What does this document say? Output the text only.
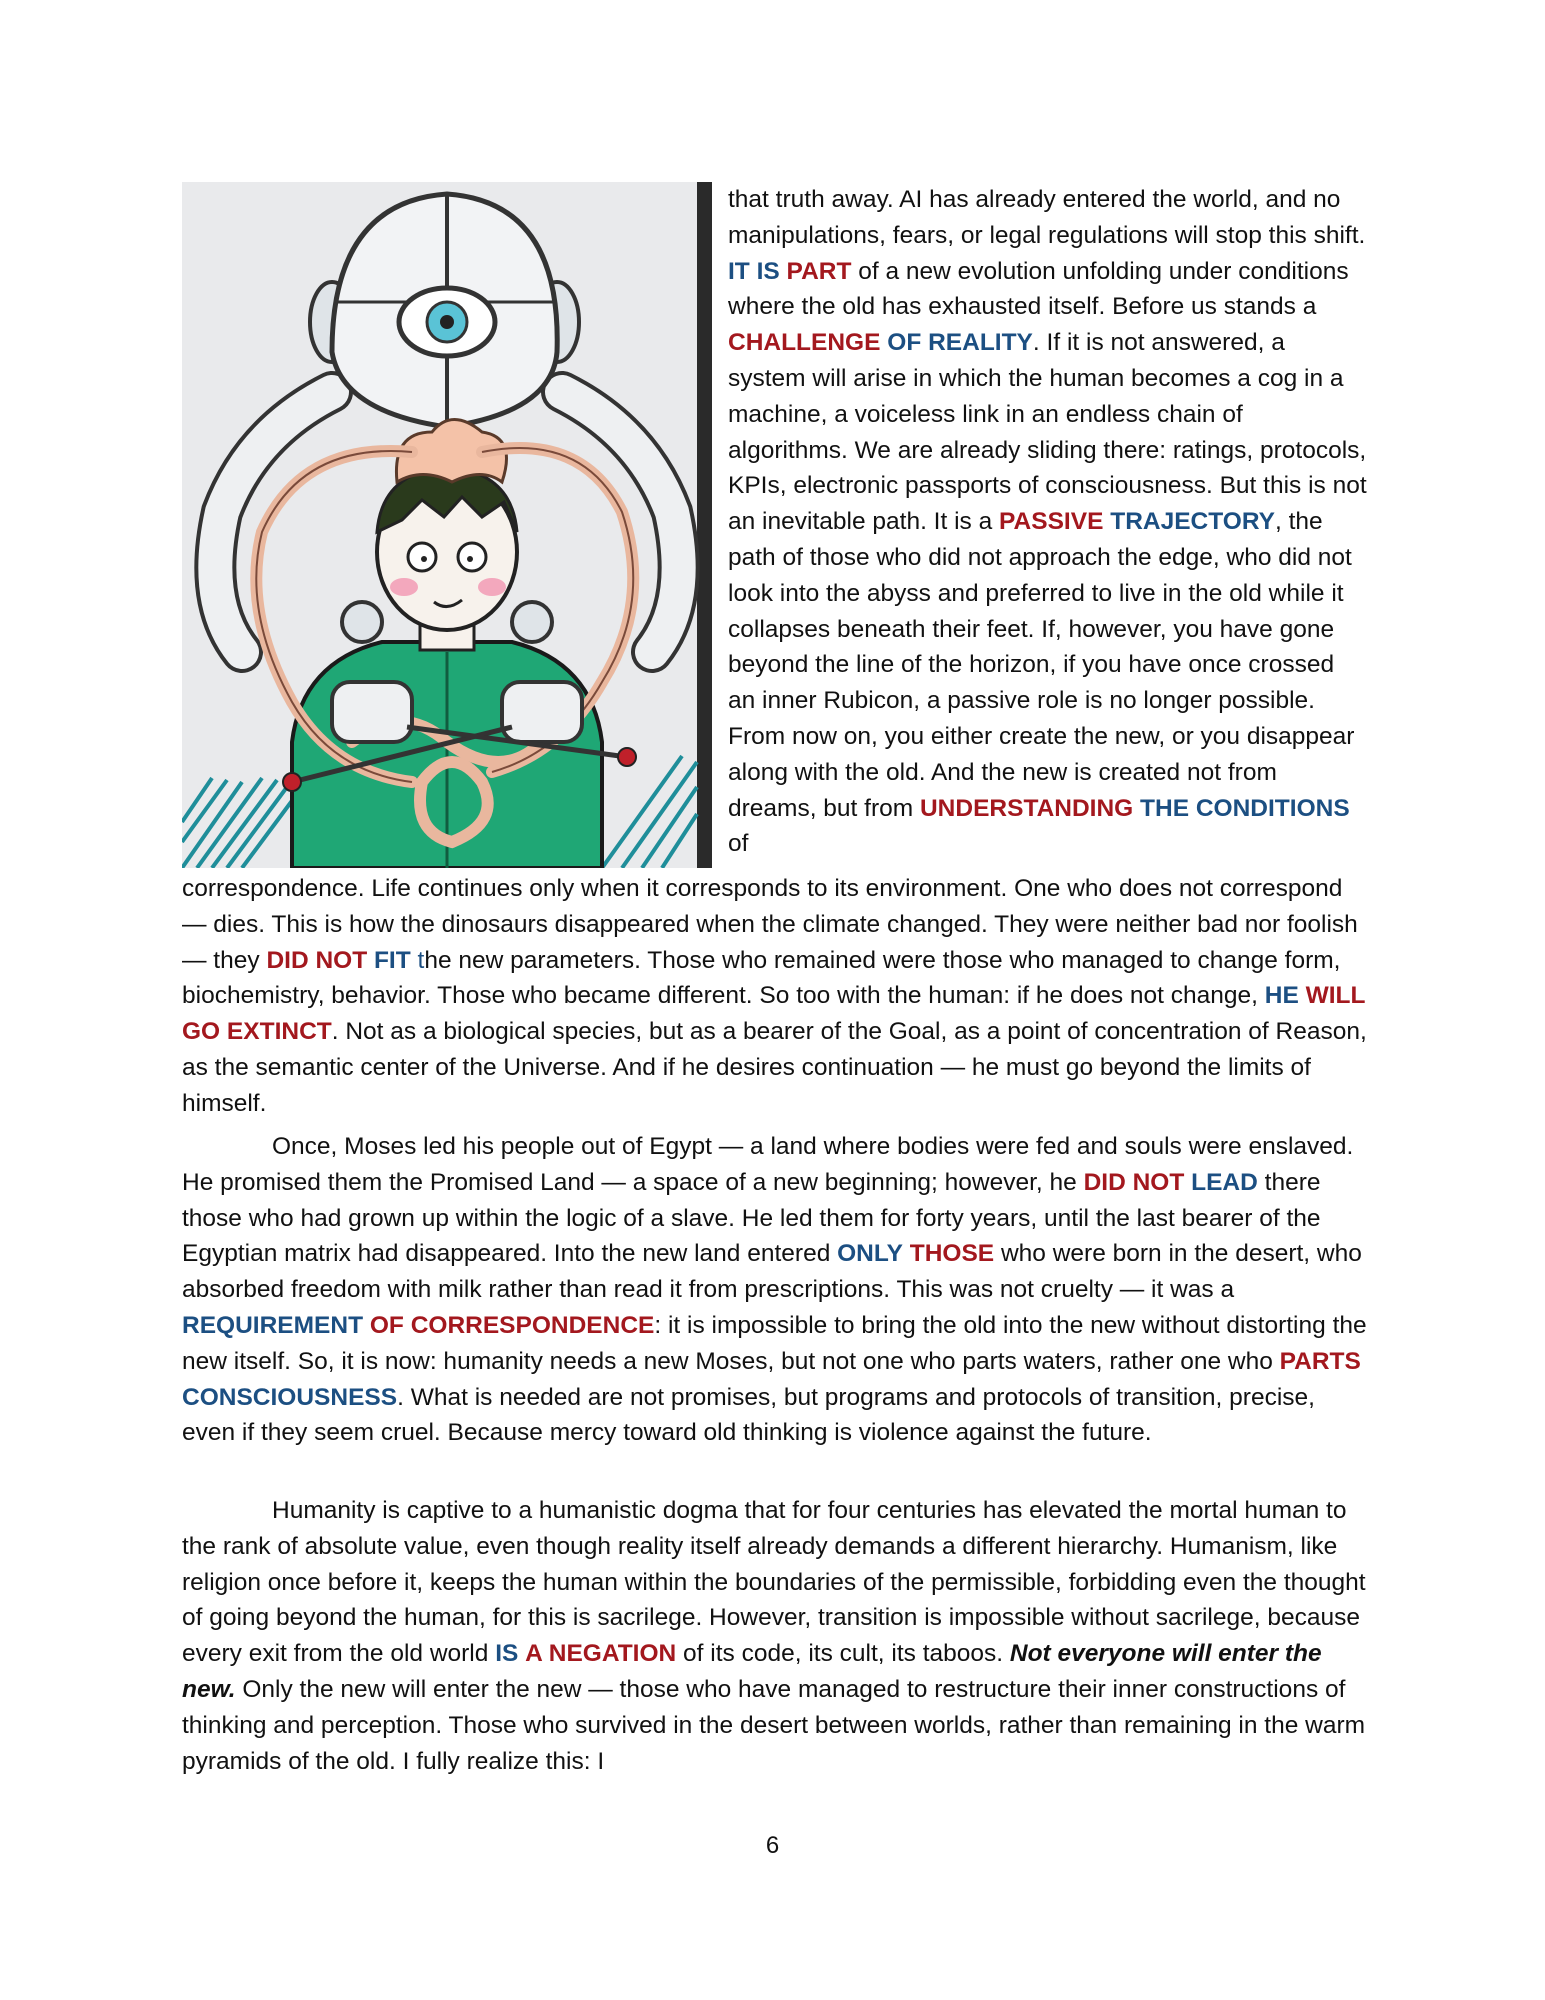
that truth away. AI has already entered the world, and no manipulations, fears, or legal regulations will stop this shift. IT IS PART of a new evolution unfolding under conditions where the old has exhausted itself. Before us stands a CHALLENGE OF REALITY. If it is not answered, a system will arise in which the human becomes a cog in a machine, a voiceless link in an endless chain of algorithms. We are already sliding there: ratings, protocols, KPIs, electronic passports of consciousness. But this is not an inevitable path. It is a PASSIVE TRAJECTORY, the path of those who did not approach the edge, who did not look into the abyss and preferred to live in the old while it collapses beneath their feet. If, however, you have gone beyond the line of the horizon, if you have once crossed an inner Rubicon, a passive role is no longer possible. From now on, you either create the new, or you disappear along with the old. And the new is created not from dreams, but from UNDERSTANDING THE CONDITIONS of

correspondence. Life continues only when it corresponds to its environment. One who does not correspond — dies. This is how the dinosaurs disappeared when the climate changed. They were neither bad nor foolish — they DID NOT FIT the new parameters. Those who remained were those who managed to change form, biochemistry, behavior. Those who became different. So too with the human: if he does not change, HE WILL GO EXTINCT. Not as a biological species, but as a bearer of the Goal, as a point of concentration of Reason, as the semantic center of the Universe. And if he desires continuation — he must go beyond the limits of himself.

Once, Moses led his people out of Egypt — a land where bodies were fed and souls were enslaved. He promised them the Promised Land — a space of a new beginning; however, he DID NOT LEAD there those who had grown up within the logic of a slave. He led them for forty years, until the last bearer of the Egyptian matrix had disappeared. Into the new land entered ONLY THOSE who were born in the desert, who absorbed freedom with milk rather than read it from prescriptions. This was not cruelty — it was a REQUIREMENT OF CORRESPONDENCE: it is impossible to bring the old into the new without distorting the new itself. So, it is now: humanity needs a new Moses, but not one who parts waters, rather one who PARTS CONSCIOUSNESS. What is needed are not promises, but programs and protocols of transition, precise, even if they seem cruel. Because mercy toward old thinking is violence against the future.

Humanity is captive to a humanistic dogma that for four centuries has elevated the mortal human to the rank of absolute value, even though reality itself already demands a different hierarchy. Humanism, like religion once before it, keeps the human within the boundaries of the permissible, forbidding even the thought of going beyond the human, for this is sacrilege. However, transition is impossible without sacrilege, because every exit from the old world IS A NEGATION of its code, its cult, its taboos. Not everyone will enter the new. Only the new will enter the new — those who have managed to restructure their inner constructions of thinking and perception. Those who survived in the desert between worlds, rather than remaining in the warm pyramids of the old. I fully realize this: I

6
